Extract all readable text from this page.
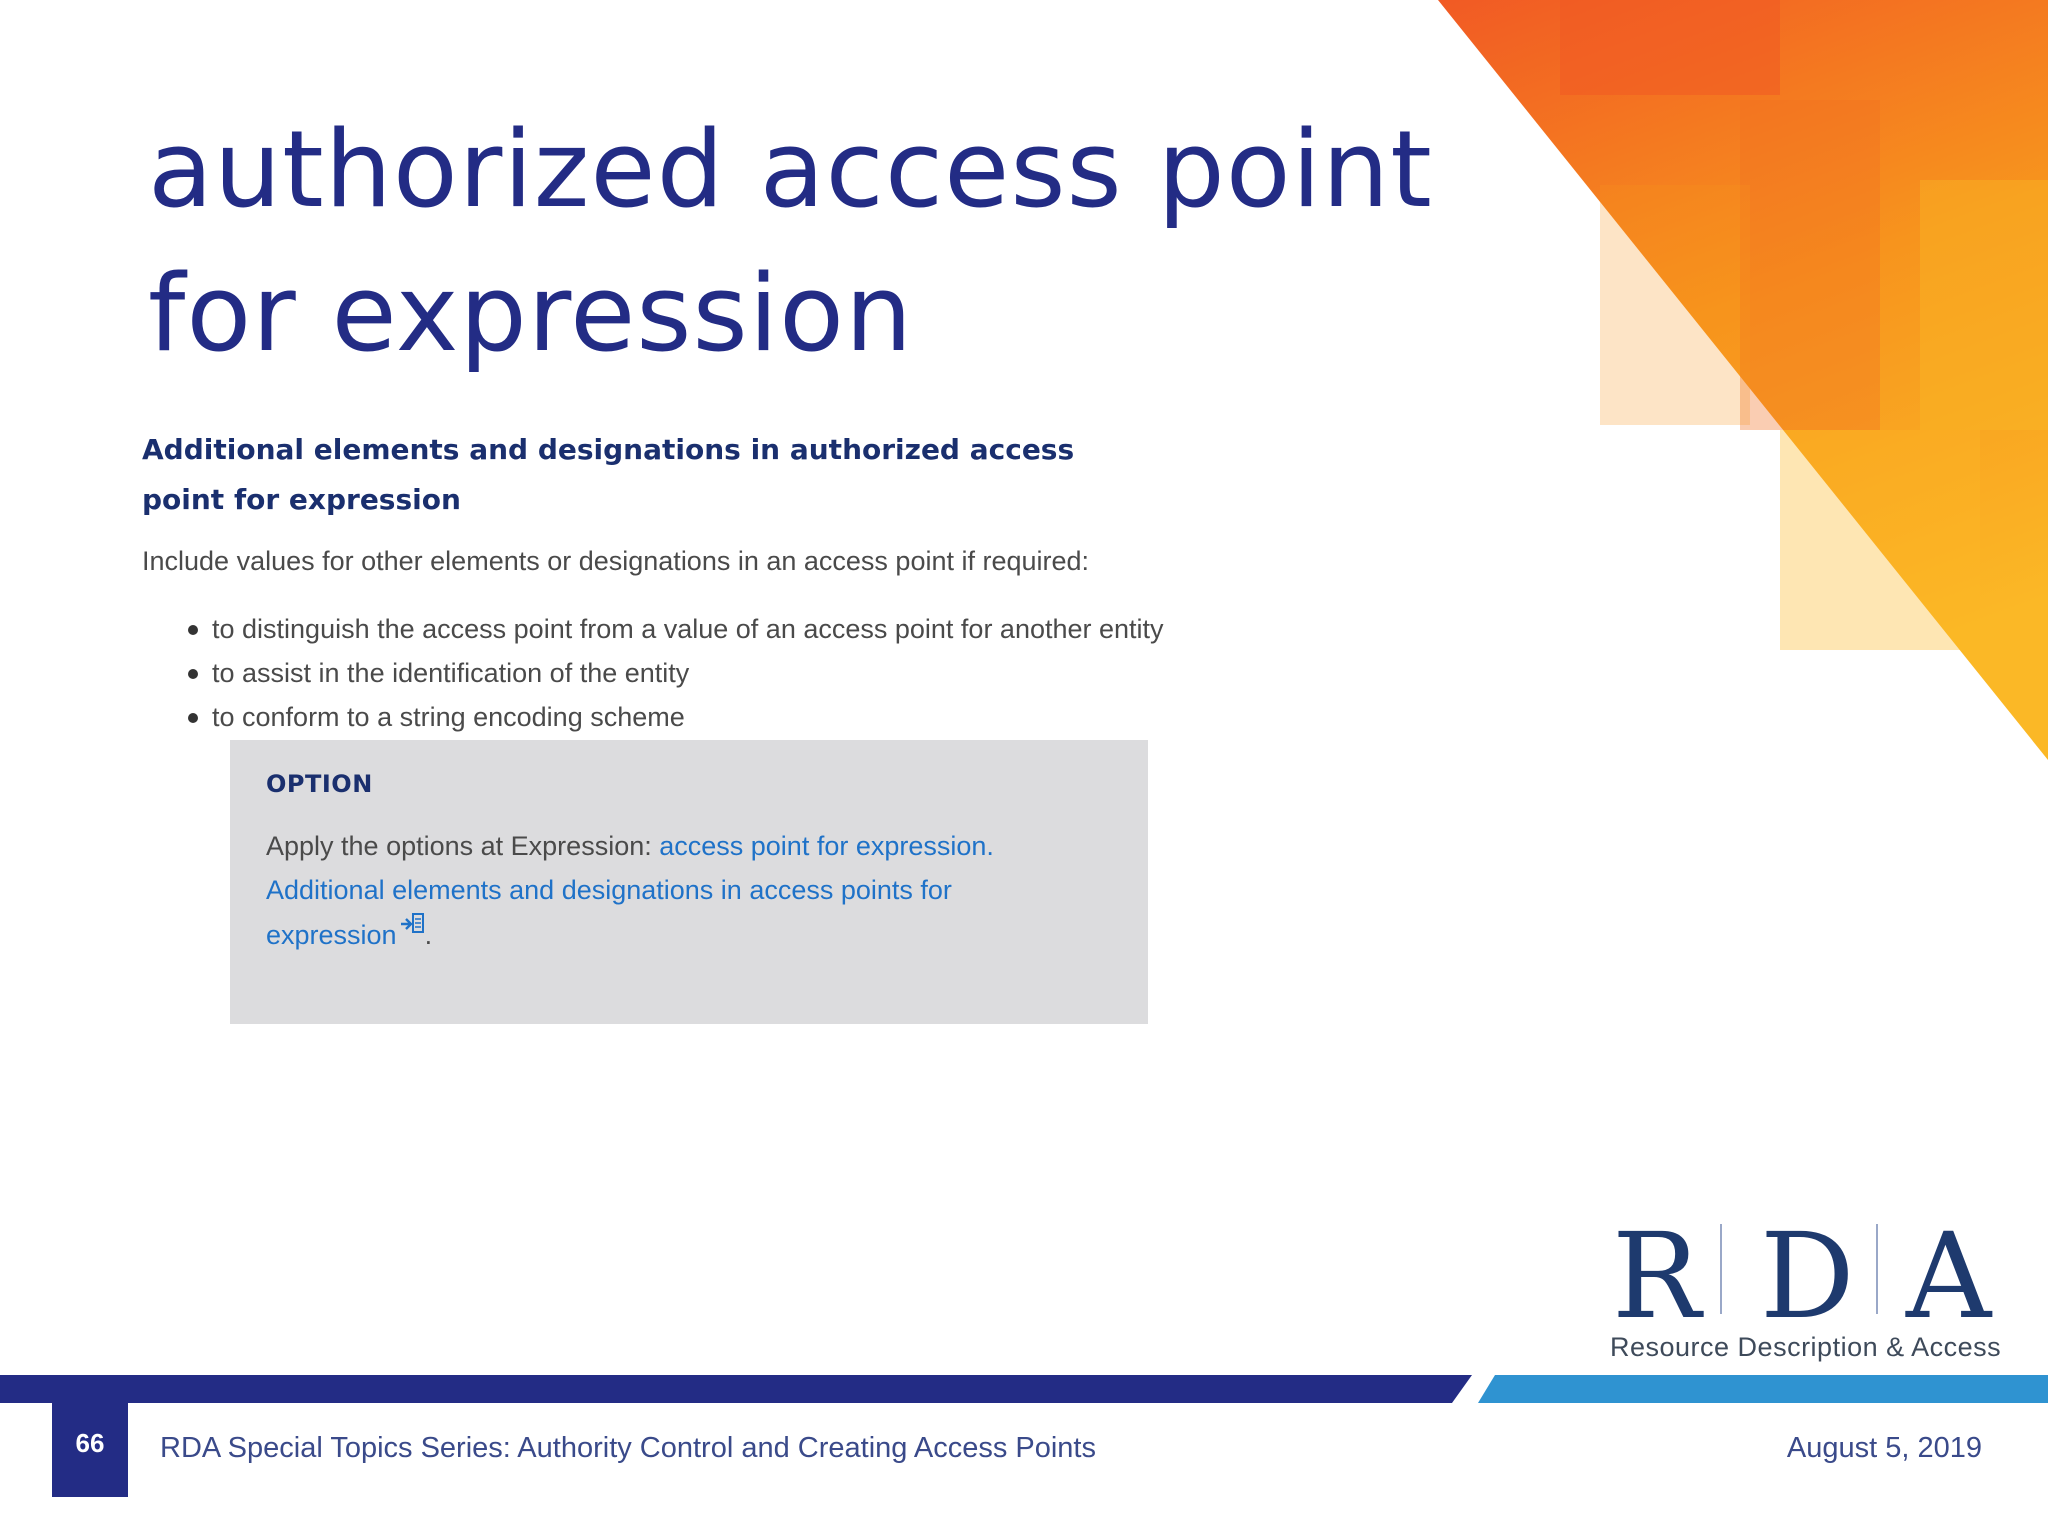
authorized access point for expression
Additional elements and designations in authorized access point for expression
Include values for other elements or designations in an access point if required:
to distinguish the access point from a value of an access point for another entity
to assist in the identification of the entity
to conform to a string encoding scheme
OPTION
Apply the options at Expression: access point for expression.
Additional elements and designations in access points for
expression .
R D A
Resource Description & Access
66	RDA Special Topics Series: Authority Control and Creating Access Points	August 5, 2019
